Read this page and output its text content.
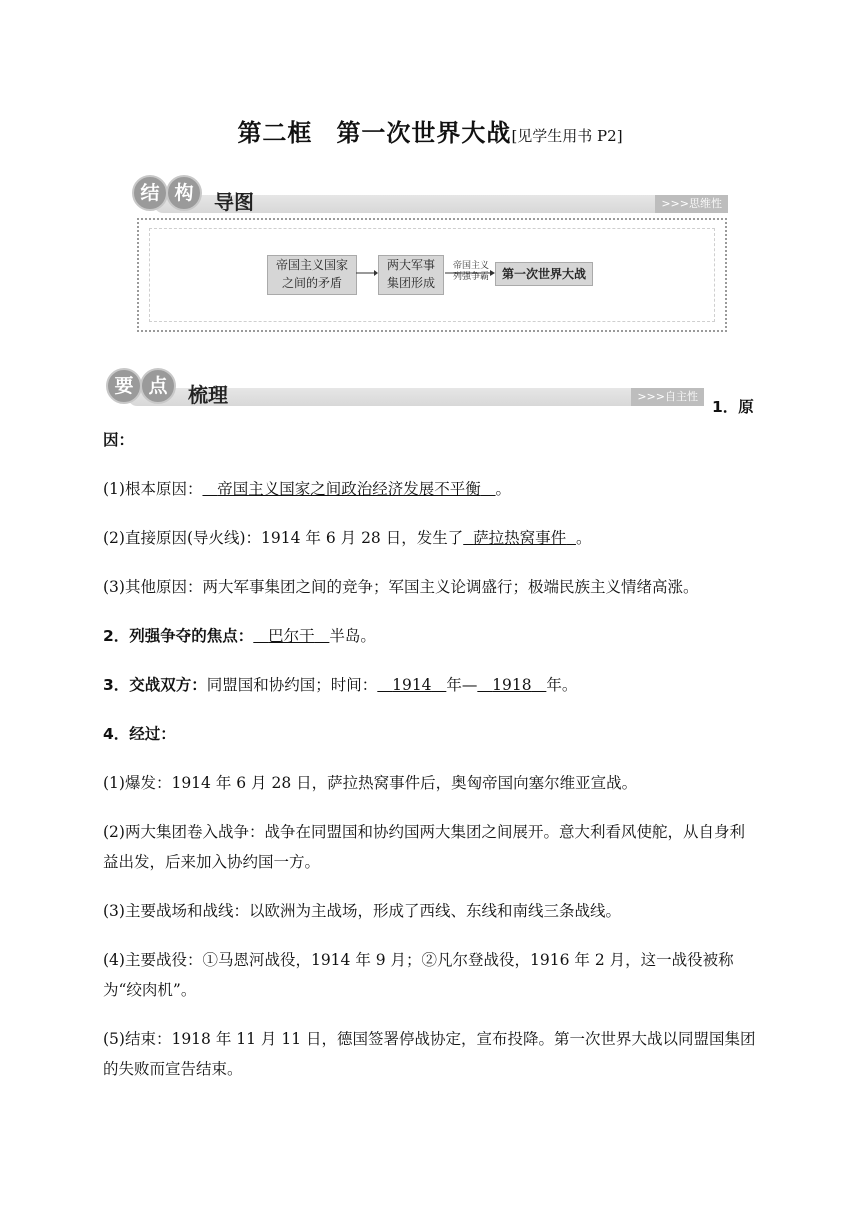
第二框 第一次世界大战[见学生用书 P2]
结 构	导图	>>>思维性
帝国主义国家
之间的矛盾
两大军事
集团形成
帝国主义
列强争霸	第一次世界大战
要 点	梳理	>>>自主性
1．原

因：

(1)根本原因： 帝国主义国家之间政治经济发展不平衡 。

(2)直接原因(导火线)：1914 年 6 月 28 日，发生了 萨拉热窝事件 。

(3)其他原因：两大军事集团之间的竞争；军国主义论调盛行；极端民族主义情绪高涨。

2．列强争夺的焦点： 巴尔干 半岛。

3．交战双方：同盟国和协约国；时间： 1914 年— 1918 年。

4．经过：

(1)爆发：1914 年 6 月 28 日，萨拉热窝事件后，奥匈帝国向塞尔维亚宣战。

(2)两大集团卷入战争：战争在同盟国和协约国两大集团之间展开。意大利看风使舵，从自身利益出发，后来加入协约国一方。

(3)主要战场和战线：以欧洲为主战场，形成了西线、东线和南线三条战线。

(4)主要战役：①马恩河战役，1914 年 9 月；②凡尔登战役，1916 年 2 月，这一战役被称为“绞肉机”。

(5)结束：1918 年 11 月 11 日，德国签署停战协定，宣布投降。第一次世界大战以同盟国集团的失败而宣告结束。
